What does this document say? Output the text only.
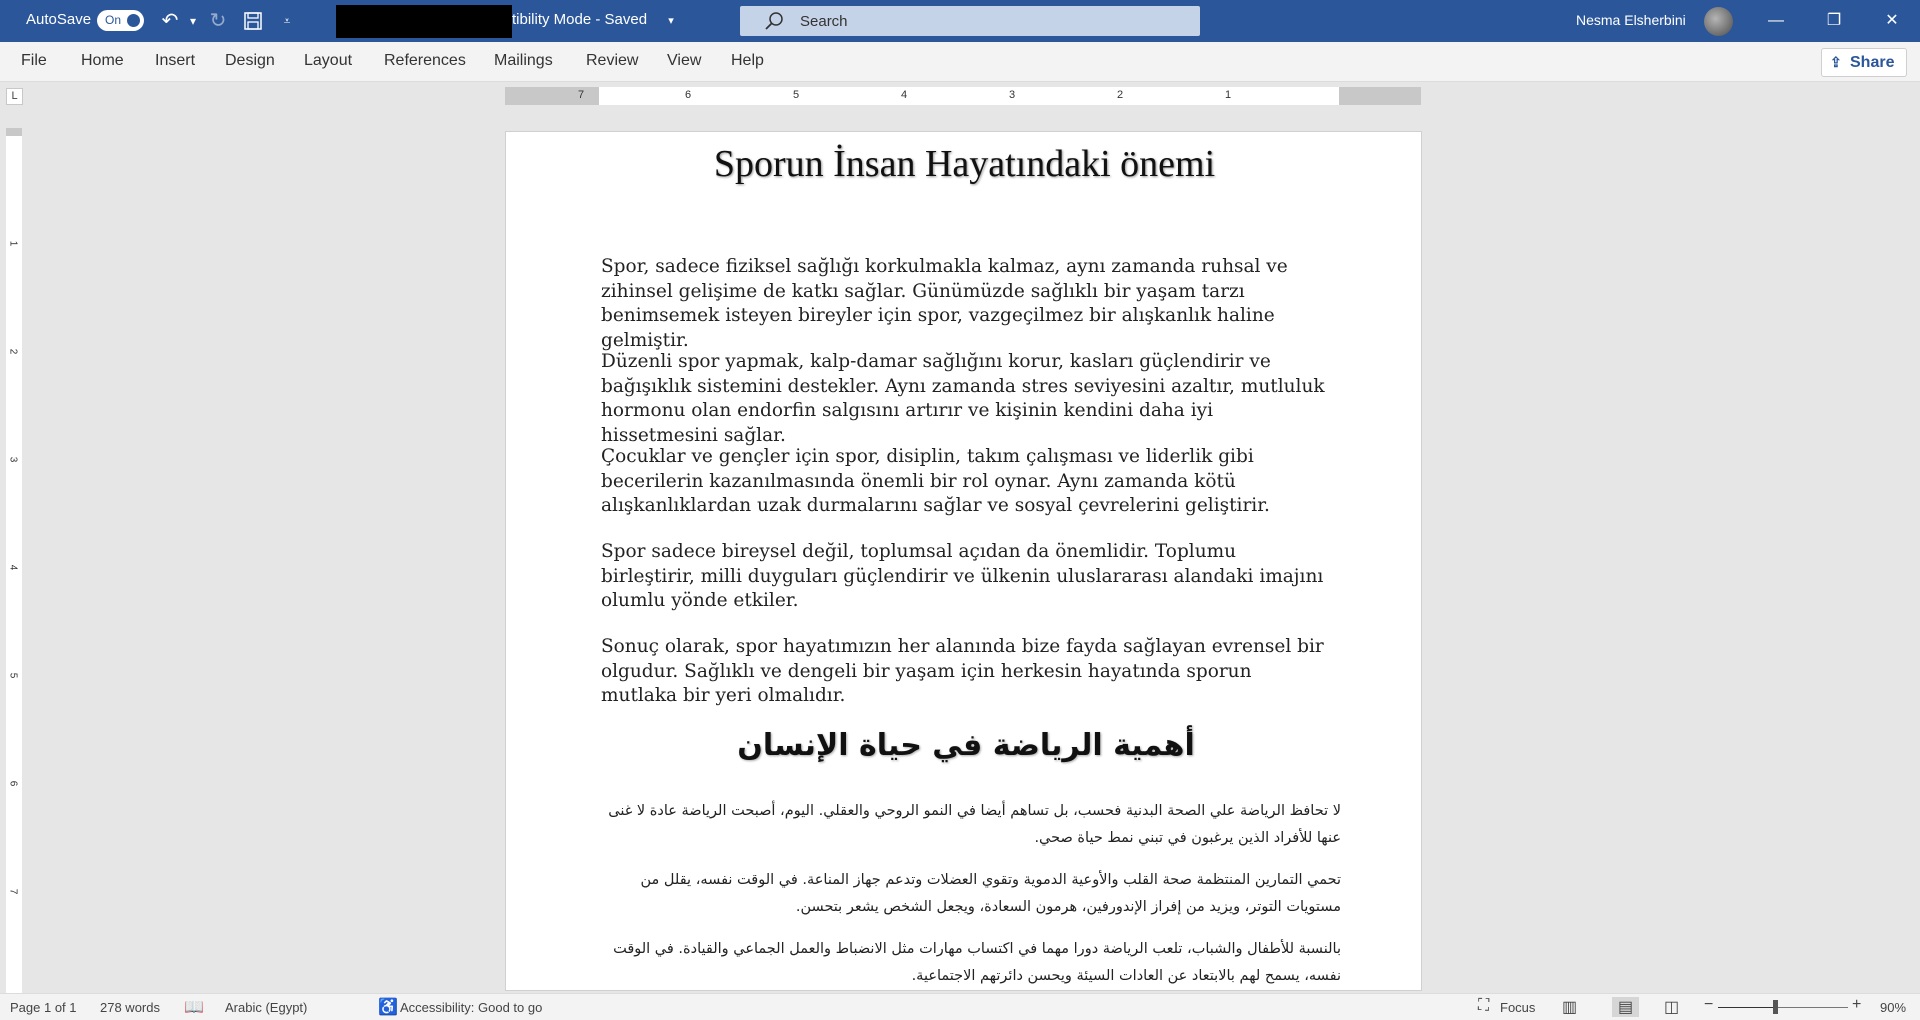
AutoSave On ↶ ▾ ↻	⩡	tibility Mode - Saved	▾	Search	Nesma Elsherbini	—	❐	✕
File Home Insert Design Layout References Mailings Review View Help	⇪ Share
L	7	6	5	4	3	2	1
1
2
3
4
5
6
7
Sporun İnsan Hayatındaki önemi

Spor, sadece fiziksel sağlığı korkulmakla kalmaz, aynı zamanda ruhsal ve zihinsel gelişime de katkı sağlar. Günümüzde sağlıklı bir yaşam tarzı benimsemek isteyen bireyler için spor, vazgeçilmez bir alışkanlık haline gelmiştir.

Düzenli spor yapmak, kalp-damar sağlığını korur, kasları güçlendirir ve bağışıklık sistemini destekler. Aynı zamanda stres seviyesini azaltır, mutluluk hormonu olan endorfin salgısını artırır ve kişinin kendini daha iyi hissetmesini sağlar.

Çocuklar ve gençler için spor, disiplin, takım çalışması ve liderlik gibi becerilerin kazanılmasında önemli bir rol oynar. Aynı zamanda kötü alışkanlıklardan uzak durmalarını sağlar ve sosyal çevrelerini geliştirir.

Spor sadece bireysel değil, toplumsal açıdan da önemlidir. Toplumu birleştirir, milli duyguları güçlendirir ve ülkenin uluslararası alandaki imajını olumlu yönde etkiler.

Sonuç olarak, spor hayatımızın her alanında bize fayda sağlayan evrensel bir olgudur. Sağlıklı ve dengeli bir yaşam için herkesin hayatında sporun mutlaka bir yeri olmalıdır.

أهمية الرياضة في حياة الإنسان

لا تحافظ الرياضة علي الصحة البدنية فحسب، بل تساهم أيضا في النمو الروحي والعقلي. اليوم، أصبحت الرياضة عادة لا غنى عنها للأفراد الذين يرغبون في تبني نمط حياة صحي.

تحمي التمارين المنتظمة صحة القلب والأوعية الدموية وتقوي العضلات وتدعم جهاز المناعة. في الوقت نفسه، يقلل من مستويات التوتر، ويزيد من إفراز الإندورفين، هرمون السعادة، ويجعل الشخص يشعر بتحسن.

بالنسبة للأطفال والشباب، تلعب الرياضة دورا مهما في اكتساب مهارات مثل الانضباط والعمل الجماعي والقيادة. في الوقت نفسه، يسمح لهم بالابتعاد عن العادات السيئة ويحسن دائرتهم الاجتماعية.

Page 1 of 1 278 words 📖 Arabic (Egypt)	♿ Accessibility: Good to go	⛶ Focus ▥	▤	◫ −	+ 90%
